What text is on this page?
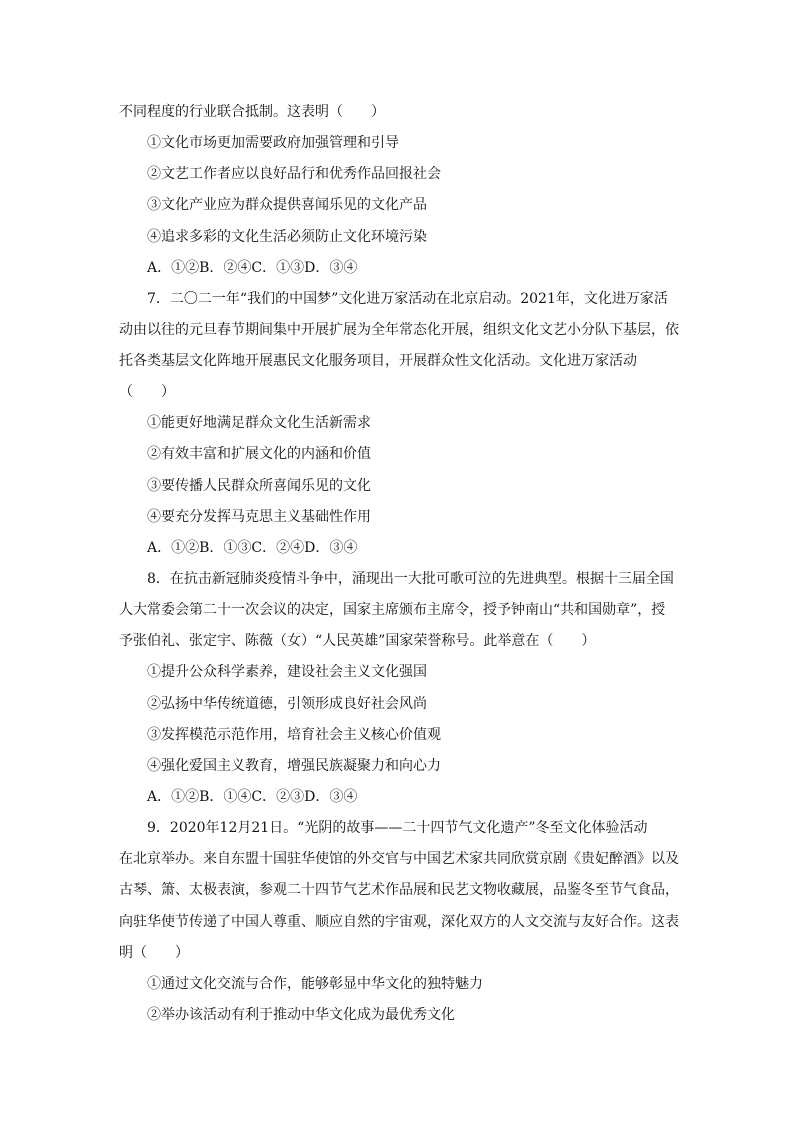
不同程度的行业联合抵制。这表明（　　）
①文化市场更加需要政府加强管理和引导
②文艺工作者应以良好品行和优秀作品回报社会
③文化产业应为群众提供喜闻乐见的文化产品
④追求多彩的文化生活必须防止文化环境污染
A．①②B．②④C．①③D．③④
7．二〇二一年“我们的中国梦”文化进万家活动在北京启动。2021年，文化进万家活
动由以往的元旦春节期间集中开展扩展为全年常态化开展，组织文化文艺小分队下基层，依
托各类基层文化阵地开展惠民文化服务项目，开展群众性文化活动。文化进万家活动
（　　）
①能更好地满足群众文化生活新需求
②有效丰富和扩展文化的内涵和价值
③要传播人民群众所喜闻乐见的文化
④要充分发挥马克思主义基础性作用
A．①②B．①③C．②④D．③④
8．在抗击新冠肺炎疫情斗争中，涌现出一大批可歌可泣的先进典型。根据十三届全国
人大常委会第二十一次会议的决定，国家主席颁布主席令，授予钟南山“共和国勋章”，授
予张伯礼、张定宇、陈薇（女）“人民英雄”国家荣誉称号。此举意在（　　）
①提升公众科学素养，建设社会主义文化强国
②弘扬中华传统道德，引领形成良好社会风尚
③发挥模范示范作用，培育社会主义核心价值观
④强化爱国主义教育，增强民族凝聚力和向心力
A．①②B．①④C．②③D．③④
9．2020年12月21日。“光阴的故事——二十四节气文化遗产”冬至文化体验活动
在北京举办。来自东盟十国驻华使馆的外交官与中国艺术家共同欣赏京剧《贵妃醉酒》以及
古琴、箫、太极表演，参观二十四节气艺术作品展和民艺文物收藏展，品鉴冬至节气食品，
向驻华使节传递了中国人尊重、顺应自然的宇宙观，深化双方的人文交流与友好合作。这表
明（　　）
①通过文化交流与合作，能够彰显中华文化的独特魅力
②举办该活动有利于推动中华文化成为最优秀文化
